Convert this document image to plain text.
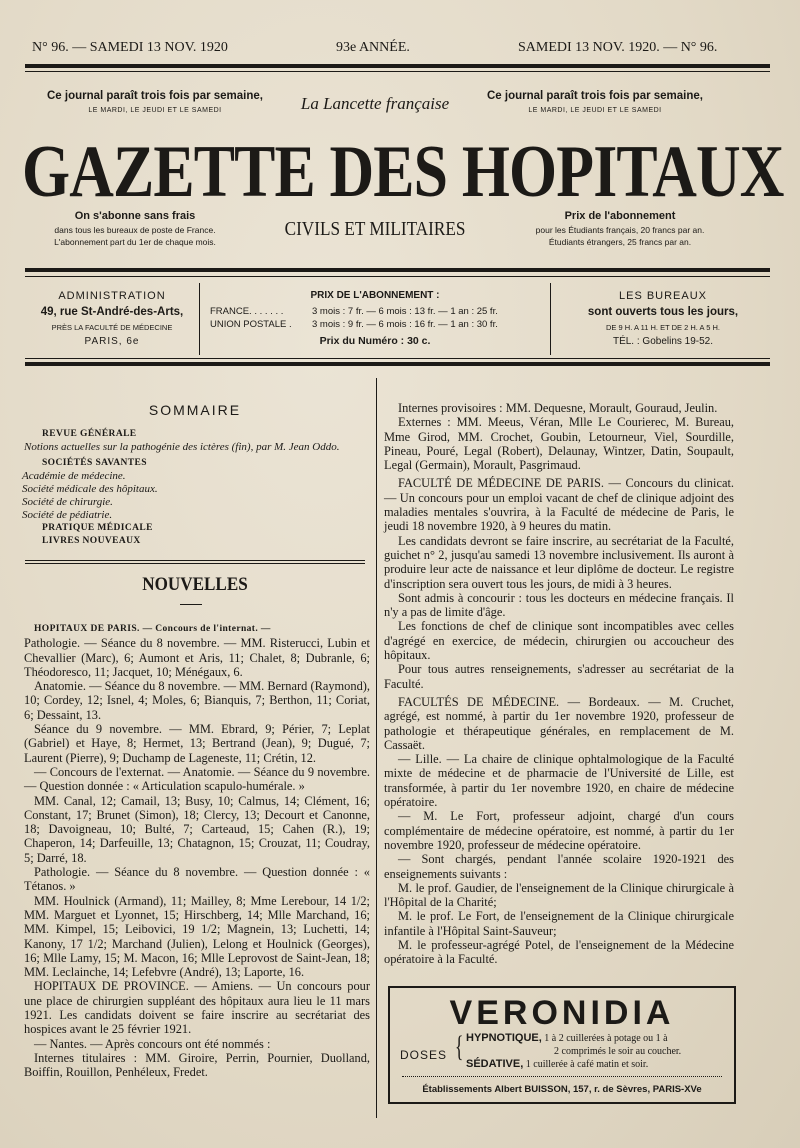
N° 96. — SAMEDI 13 NOV. 1920	93e ANNÉE.	SAMEDI 13 NOV. 1920. — N° 96.
Ce journal paraît trois fois par semaine,
LE MARDI, LE JEUDI ET LE SAMEDI	La Lancette française	Ce journal paraît trois fois par semaine,
LE MARDI, LE JEUDI ET LE SAMEDI
GAZETTE DES HOPITAUX
On s'abonne sans frais
dans tous les bureaux de poste de France.
L'abonnement part du 1er de chaque mois.
CIVILS ET MILITAIRES
Prix de l'abonnement
pour les Étudiants français, 20 francs par an.
Étudiants étrangers, 25 francs par an.
ADMINISTRATION
49, rue St-André-des-Arts,
PRÈS LA FACULTÉ DE MÉDECINE
PARIS, 6e
PRIX DE L'ABONNEMENT :
FRANCE. . . . . . .	3 mois : 7 fr. — 6 mois : 13 fr. — 1 an : 25 fr.
UNION POSTALE . 3 mois : 9 fr. — 6 mois : 16 fr. — 1 an : 30 fr.
Prix du Numéro : 30 c.
LES BUREAUX
sont ouverts tous les jours,
DE 9 H. A 11 H. ET DE 2 H. A 5 H.
TÉL. : Gobelins 19-52.
SOMMAIRE
REVUE GÉNÉRALE
Notions actuelles sur la pathogénie des ictères (fin), par M. Jean Oddo.
SOCIÉTÉS SAVANTES
Académie de médecine.
Société médicale des hôpitaux.
Société de chirurgie.
Société de pédiatrie.
PRATIQUE MÉDICALE
LIVRES NOUVEAUX
NOUVELLES

HOPITAUX DE PARIS. — Concours de l'internat. —

Pathologie. — Séance du 8 novembre. — MM. Risterucci, Lubin et Chevallier (Marc), 6; Aumont et Aris, 11; Chalet, 8; Dubranle, 6; Théodoresco, 11; Jacquet, 10; Ménégaux, 6.

Anatomie. — Séance du 8 novembre. — MM. Bernard (Raymond), 10; Cordey, 12; Isnel, 4; Moles, 6; Bianquis, 7; Berthon, 11; Coriat, 6; Dessaint, 13.

Séance du 9 novembre. — MM. Ebrard, 9; Périer, 7; Leplat (Gabriel) et Haye, 8; Hermet, 13; Bertrand (Jean), 9; Dugué, 7; Laurent (Pierre), 9; Duchamp de Lageneste, 11; Crétin, 12.

— Concours de l'externat. — Anatomie. — Séance du 9 novembre. — Question donnée : « Articulation scapulo-humérale. »

MM. Canal, 12; Camail, 13; Busy, 10; Calmus, 14; Clément, 16; Constant, 17; Brunet (Simon), 18; Clercy, 13; Decourt et Canonne, 18; Davoigneau, 10; Bulté, 7; Carteaud, 15; Cahen (R.), 19; Chaperon, 14; Darfeuille, 13; Chatagnon, 15; Crouzat, 11; Coudray, 5; Darré, 18.

Pathologie. — Séance du 8 novembre. — Question donnée : « Tétanos. »

MM. Houlnick (Armand), 11; Mailley, 8; Mme Lerebour, 14 1/2; MM. Marguet et Lyonnet, 15; Hirschberg, 14; Mlle Marchand, 16; MM. Kimpel, 15; Leibovici, 19 1/2; Magnein, 13; Luchetti, 14; Kanony, 17 1/2; Marchand (Julien), Lelong et Houlnick (Georges), 16; Mlle Lamy, 15; M. Macon, 16; Mlle Leprovost de Saint-Jean, 18; MM. Leclainche, 14; Lefebvre (André), 13; Laporte, 16.

HOPITAUX DE PROVINCE. — Amiens. — Un concours pour une place de chirurgien suppléant des hôpitaux aura lieu le 11 mars 1921. Les candidats doivent se faire inscrire au secrétariat des hospices avant le 25 février 1921.

— Nantes. — Après concours ont été nommés :

Internes titulaires : MM. Giroire, Perrin, Pournier, Duolland, Boiffin, Rouillon, Penhéleux, Fredet.

Internes provisoires : MM. Dequesne, Morault, Gouraud, Jeulin.

Externes : MM. Meeus, Véran, Mlle Le Courierec, M. Bureau, Mme Girod, MM. Crochet, Goubin, Letourneur, Viel, Sourdille, Pineau, Pouré, Legal (Robert), Delaunay, Wintzer, Datin, Soupault, Legal (Germain), Morault, Pasgrimaud.

FACULTÉ DE MÉDECINE DE PARIS. — Concours du clinicat. — Un concours pour un emploi vacant de chef de clinique adjoint des maladies mentales s'ouvrira, à la Faculté de médecine de Paris, le jeudi 18 novembre 1920, à 9 heures du matin.

Les candidats devront se faire inscrire, au secrétariat de la Faculté, guichet n° 2, jusqu'au samedi 13 novembre inclusivement. Ils auront à produire leur acte de naissance et leur diplôme de docteur. Le registre d'inscription sera ouvert tous les jours, de midi à 3 heures.

Sont admis à concourir : tous les docteurs en médecine français. Il n'y a pas de limite d'âge.

Les fonctions de chef de clinique sont incompatibles avec celles d'agrégé en exercice, de médecin, chirurgien ou accoucheur des hôpitaux.

Pour tous autres renseignements, s'adresser au secrétariat de la Faculté.

FACULTÉS DE MÉDECINE. — Bordeaux. — M. Cruchet, agrégé, est nommé, à partir du 1er novembre 1920, professeur de pathologie et thérapeutique générales, en remplacement de M. Cassaët.

— Lille. — La chaire de clinique ophtalmologique de la Faculté mixte de médecine et de pharmacie de l'Université de Lille, est transformée, à partir du 1er novembre 1920, en chaire de médecine opératoire.

— M. Le Fort, professeur adjoint, chargé d'un cours complémentaire de médecine opératoire, est nommé, à partir du 1er novembre 1920, professeur de médecine opératoire.

— Sont chargés, pendant l'année scolaire 1920-1921 des enseignements suivants :

M. le prof. Gaudier, de l'enseignement de la Clinique chirurgicale à l'Hôpital de la Charité;

M. le prof. Le Fort, de l'enseignement de la Clinique chirurgicale infantile à l'Hôpital Saint-Sauveur;

M. le professeur-agrégé Potel, de l'enseignement de la Médecine opératoire à la Faculté.

VERONIDIA
DOSES { HYPNOTIQUE, 1 à 2 cuillerées à potage ou 1 à
2 comprimés le soir au coucher.
SÉDATIVE, 1 cuillerée à café matin et soir.
Établissements Albert BUISSON, 157, r. de Sèvres, PARIS-XVe
